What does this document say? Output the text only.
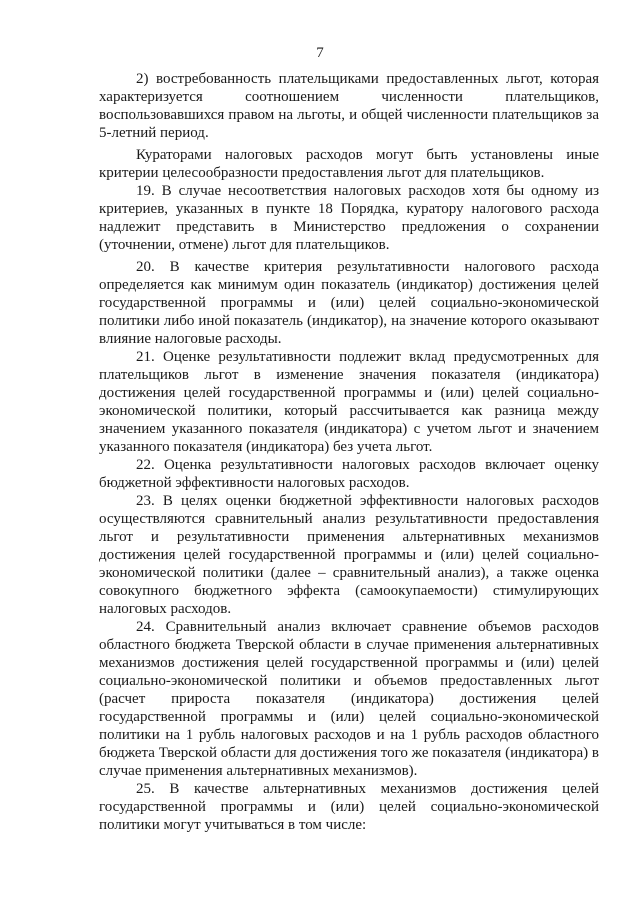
7

2) востребованность плательщиками предоставленных льгот, которая характеризуется соотношением численности плательщиков, воспользовавшихся правом на льготы, и общей численности плательщиков за 5-летний период.

Кураторами налоговых расходов могут быть установлены иные критерии целесообразности предоставления льгот для плательщиков.

19. В случае несоответствия налоговых расходов хотя бы одному из критериев, указанных в пункте 18 Порядка, куратору налогового расхода надлежит представить в Министерство предложения о сохранении (уточнении, отмене) льгот для плательщиков.

20. В качестве критерия результативности налогового расхода определяется как минимум один показатель (индикатор) достижения целей государственной программы и (или) целей социально-экономической политики либо иной показатель (индикатор), на значение которого оказывают влияние налоговые расходы.

21. Оценке результативности подлежит вклад предусмотренных для плательщиков льгот в изменение значения показателя (индикатора) достижения целей государственной программы и (или) целей социально-экономической политики, который рассчитывается как разница между значением указанного показателя (индикатора) с учетом льгот и значением указанного показателя (индикатора) без учета льгот.

22. Оценка результативности налоговых расходов включает оценку бюджетной эффективности налоговых расходов.

23. В целях оценки бюджетной эффективности налоговых расходов осуществляются сравнительный анализ результативности предоставления льгот и результативности применения альтернативных механизмов достижения целей государственной программы и (или) целей социально-экономической политики (далее – сравнительный анализ), а также оценка совокупного бюджетного эффекта (самоокупаемости) стимулирующих налоговых расходов.

24. Сравнительный анализ включает сравнение объемов расходов областного бюджета Тверской области в случае применения альтернативных механизмов достижения целей государственной программы и (или) целей социально-экономической политики и объемов предоставленных льгот (расчет прироста показателя (индикатора) достижения целей государственной программы и (или) целей социально-экономической политики на 1 рубль налоговых расходов и на 1 рубль расходов областного бюджета Тверской области для достижения того же показателя (индикатора) в случае применения альтернативных механизмов).

25. В качестве альтернативных механизмов достижения целей государственной программы и (или) целей социально-экономической политики могут учитываться в том числе:
